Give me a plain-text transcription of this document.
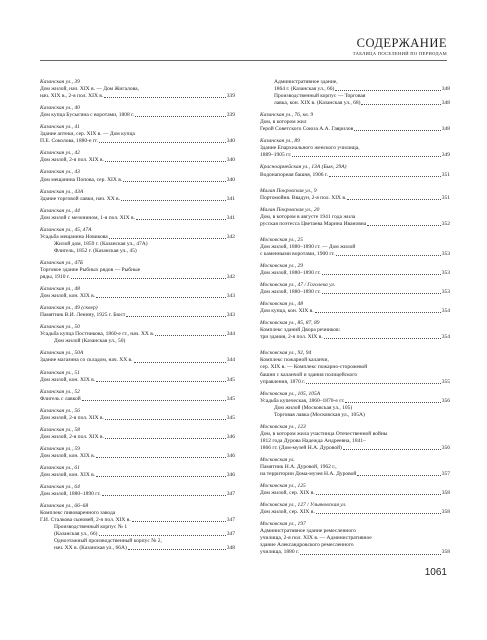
СОДЕРЖАНИЕ
ТАБЛИЦА ПОСЕЛЕНИЙ ПО ПЕРИОДАМ
Казанская ул., 39
Дом жилой, нач. XIX в. — Дом Жигалова,
нач. XIX в., 2-я пол. XIX в.	339
Казанская ул., 40
Дом купца Бусыгина с воротами, 1808 г.	339
Казанская ул., 41
Здание аптеки, сер. XIX в. — Дом купца
П.Е. Соколова, 1880-е гг.	340
Казанская ул., 42
Дом жилой, 2-я пол. XIX в.	340
Казанская ул., 43
Дом мещанина Попова, сер. XIX в.	340
Казанская ул., 43А
Здание торговой лавки, нач. XX в.	341
Казанская ул., 44
Дом жилой с мезонином, 1-я пол. XIX в.	341
Казанская ул., 45, 47А
Усадьба мещанина Новикова	342
Жилой дом, 1859 г. (Казанская ул., 47А)
Флигель, 1852 г. (Казанская ул., 45)
Казанская ул., 47Б
Торговое здание Рыбных рядов — Рыбные
ряды, 1910 г.	342
Казанская ул., 48
Дом жилой, кон. XIX в.	343
Казанская ул., 49 (сквер)
Памятник В.И. Ленину, 1925 г. Бюст	343
Казанская ул., 50
Усадьба купца Постникова, 1860-е гг., нач. XX в.	344
Дом жилой (Казанская ул., 50)
Казанская ул., 50А
Здание магазина со складом, нач. XX в.	344
Казанская ул., 51
Дом жилой, кон. XIX в.	345
Казанская ул., 52
Флигель с лавкой	345
Казанская ул., 56
Дом жилой, 2-я пол. XIX в.	345
Казанская ул., 58
Дом жилой, 2-я пол. XIX в.	346
Казанская ул., 59
Дом жилой, кон. XIX в.	346
Казанская ул., 61
Дом жилой, кон. XIX в.	346
Казанская ул., 64
Дом жилой, 1880–1890 гг.	347
Казанская ул., 66–68
Комплекс пивоваренного завода
Г.И. Сталкова сыновей, 2-я пол. XIX в.	347
Производственный корпус № 1
(Казанская ул., 66)	347
Одноэтажный производственный корпус № 2,
нач. XX в. (Казанская ул., 66А)	348
Административное здание,
1864 г. (Казанская ул., 66)	348
Производственный корпус — Торговая
лавка, кон. XIX в. (Казанская ул., 68)	348
Казанская ул., 76, кв. 9
Дом, в котором жил
Герой Советского Союза А.А. Гаврилов	348
Казанская ул., 89
Здание Епархиального женского училища,
1889–1905 гг.	349
Красноармейская ул., 13А (Бык, 29А)
Водонапорная башня, 1906 г.	351
Малая Покровская ул., 9
Портомойня. Ввадун, 2-я пол. XIX в.	351
Малая Покровская ул., 20
Дом, в котором в августе 1941 года жила
русская поэтесса Цветаева Марина Ивановна	352
Московская ул., 25
Дом жилой, 1880–1890 гг. — Дом жилой
с каменными воротами, 1900 гг.	353
Московская ул., 29
Дом жилой, 1880–1890 гг.	353
Московская ул., 47 / Гоголева ул.
Дом жилой, 1880–1890 гг.	353
Московская ул., 48
Дом купца, кон. XIX в.	354
Московская ул., 85, 87, 89
Комплекс зданий Двора речников:
три здания, 2-я пол. XIX в.	354
Московская ул., 92, 94
Комплекс пожарной каланчи,
сер. XIX в. — Комплекс пожарно-сторожевой
башни с каланчой и здания полицейского
управления, 1870 г.	355
Московская ул., 105, 105А
Усадьба купеческая, 1860–1870-е гг.	356
Дом жилой (Московская ул., 105)
Торговая лавка (Московская ул., 105А)
Московская ул., 123
Дом, в котором жила участница Отечественной войны
1812 года Дурова Надежда Андреевна, 1841–
1866 гг. (Дом-музей Н.А. Дуровой)	356
Московская ул.
Памятник Н.А. Дуровой, 1962 г.,
на территории Дома-музея Н.А. Дуровой	357
Московская ул., 125
Дом жилой, сер. XIX в.	358
Московская ул., 127 / Ульяновская ул.
Дом жилой, сер. XIX в.	358
Московская ул., 197
Административное здание ремесленного
училища, 2-я пол. XIX в. — Административное
здание Александровского ремесленного
училища, 1880 г.	358
1061
